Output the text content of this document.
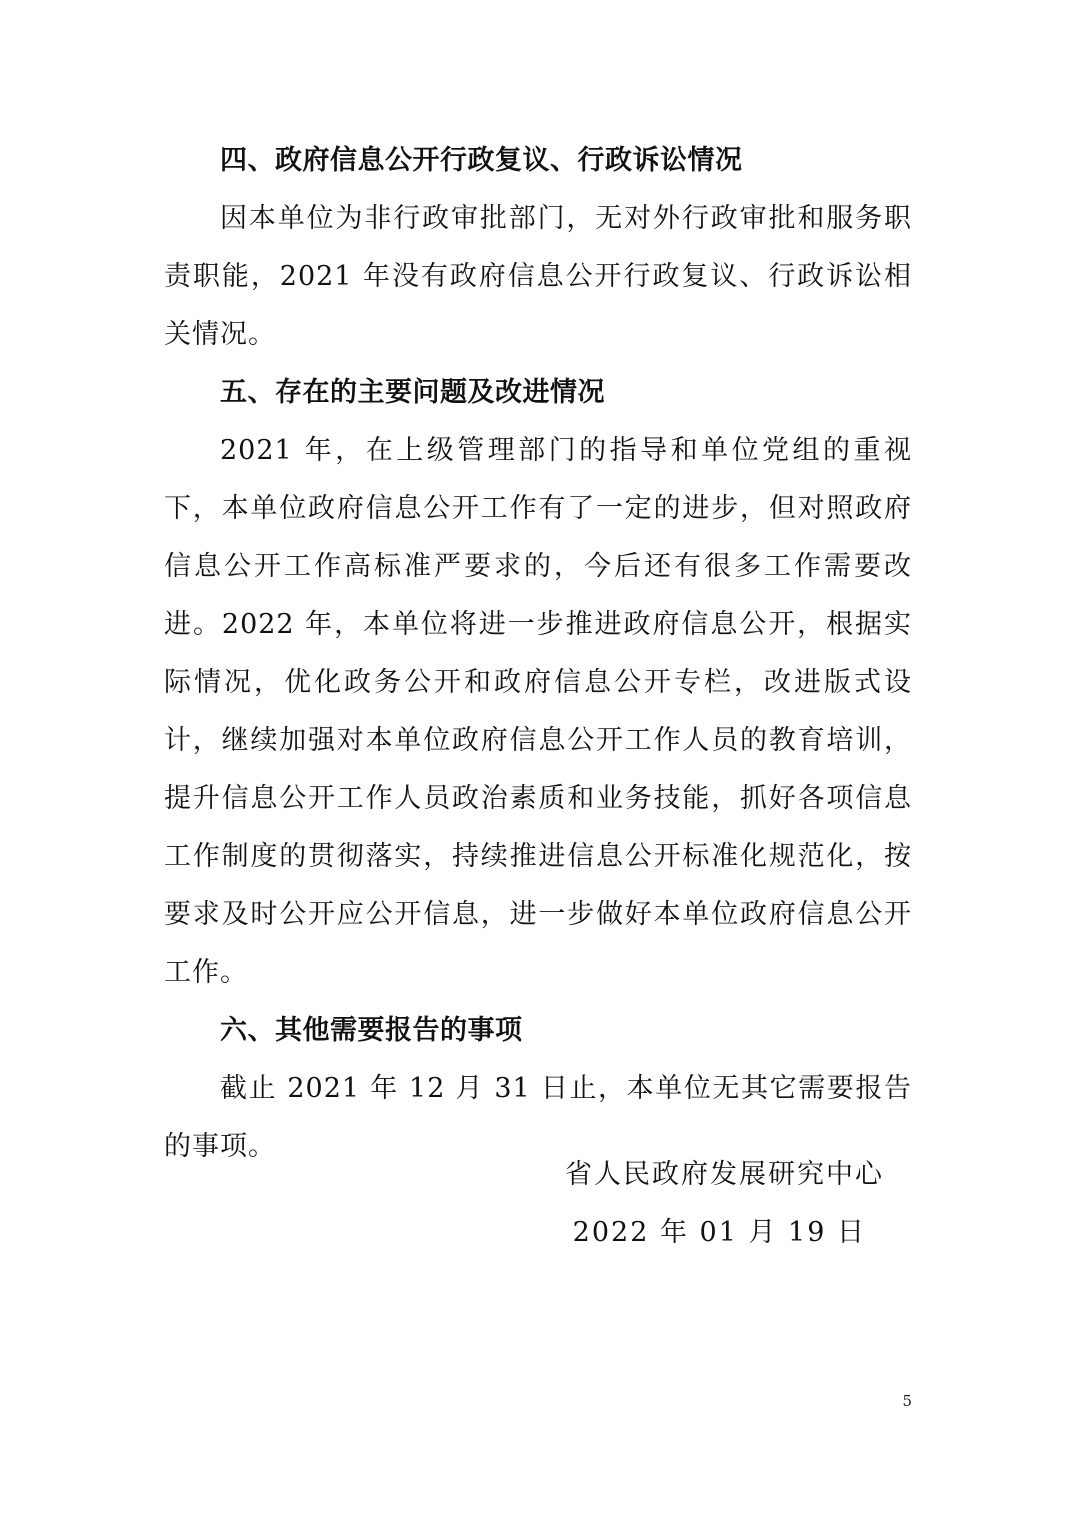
四、政府信息公开行政复议、行政诉讼情况

因本单位为非行政审批部门，无对外行政审批和服务职责职能，2021 年没有政府信息公开行政复议、行政诉讼相关情况。

五、存在的主要问题及改进情况

2021 年，在上级管理部门的指导和单位党组的重视下，本单位政府信息公开工作有了一定的进步，但对照政府信息公开工作高标准严要求的，今后还有很多工作需要改进。2022 年，本单位将进一步推进政府信息公开，根据实际情况，优化政务公开和政府信息公开专栏，改进版式设计，继续加强对本单位政府信息公开工作人员的教育培训，提升信息公开工作人员政治素质和业务技能，抓好各项信息工作制度的贯彻落实，持续推进信息公开标准化规范化，按要求及时公开应公开信息，进一步做好本单位政府信息公开工作。

六、其他需要报告的事项

截止 2021 年 12 月 31 日止，本单位无其它需要报告的事项。

省人民政府发展研究中心
2022 年 01 月 19 日
5
